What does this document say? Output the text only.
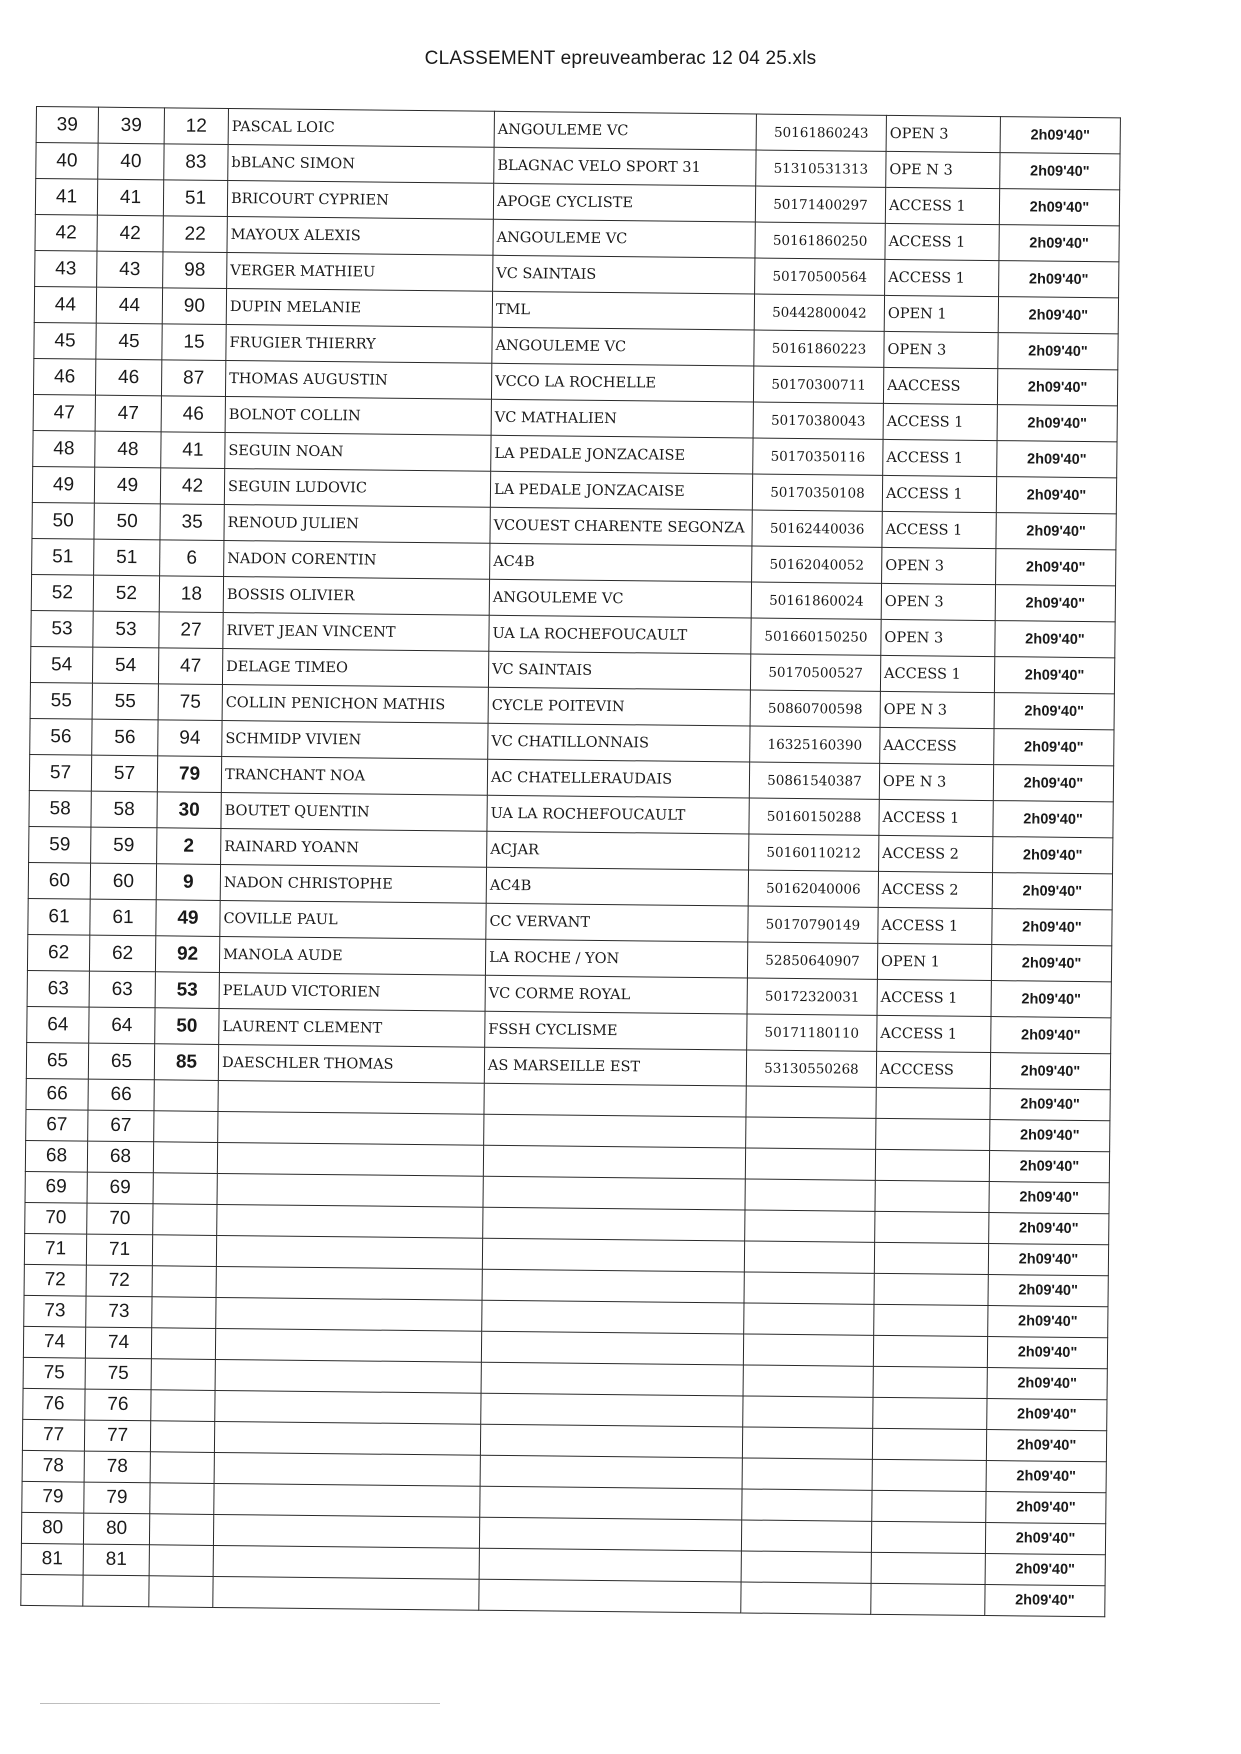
CLASSEMENT epreuveamberac 12 04 25.xls
39	39	12	PASCAL LOIC	ANGOULEME VC	50161860243	OPEN 3	2h09'40"
40	40	83	bBLANC SIMON	BLAGNAC VELO SPORT 31	51310531313	OPE N 3	2h09'40"
41	41	51	BRICOURT CYPRIEN	APOGE CYCLISTE	50171400297	ACCESS 1	2h09'40"
42	42	22	MAYOUX ALEXIS	ANGOULEME VC	50161860250	ACCESS 1	2h09'40"
43	43	98	VERGER MATHIEU	VC SAINTAIS	50170500564	ACCESS 1	2h09'40"
44	44	90	DUPIN MELANIE	TML	50442800042	OPEN 1	2h09'40"
45	45	15	FRUGIER THIERRY	ANGOULEME VC	50161860223	OPEN 3	2h09'40"
46	46	87	THOMAS AUGUSTIN	VCCO LA ROCHELLE	50170300711	AACCESS	2h09'40"
47	47	46	BOLNOT COLLIN	VC MATHALIEN	50170380043	ACCESS 1	2h09'40"
48	48	41	SEGUIN NOAN	LA PEDALE JONZACAISE	50170350116	ACCESS 1	2h09'40"
49	49	42	SEGUIN LUDOVIC	LA PEDALE JONZACAISE	50170350108	ACCESS 1	2h09'40"
50	50	35	RENOUD JULIEN	VCOUEST CHARENTE SEGONZA	50162440036	ACCESS 1	2h09'40"
51	51	6	NADON CORENTIN	AC4B	50162040052	OPEN 3	2h09'40"
52	52	18	BOSSIS OLIVIER	ANGOULEME VC	50161860024	OPEN 3	2h09'40"
53	53	27	RIVET JEAN VINCENT	UA LA ROCHEFOUCAULT	501660150250	OPEN 3	2h09'40"
54	54	47	DELAGE TIMEO	VC SAINTAIS	50170500527	ACCESS 1	2h09'40"
55	55	75	COLLIN PENICHON MATHIS	CYCLE POITEVIN	50860700598	OPE N 3	2h09'40"
56	56	94	SCHMIDP VIVIEN	VC CHATILLONNAIS	16325160390	AACCESS	2h09'40"
57	57	79	TRANCHANT NOA	AC CHATELLERAUDAIS	50861540387	OPE N 3	2h09'40"
58	58	30	BOUTET QUENTIN	UA LA ROCHEFOUCAULT	50160150288	ACCESS 1	2h09'40"
59	59	2	RAINARD YOANN	ACJAR	50160110212	ACCESS 2	2h09'40"
60	60	9	NADON CHRISTOPHE	AC4B	50162040006	ACCESS 2	2h09'40"
61	61	49	COVILLE PAUL	CC VERVANT	50170790149	ACCESS 1	2h09'40"
62	62	92	MANOLA AUDE	LA ROCHE / YON	52850640907	OPEN 1	2h09'40"
63	63	53	PELAUD VICTORIEN	VC CORME ROYAL	50172320031	ACCESS 1	2h09'40"
64	64	50	LAURENT CLEMENT	FSSH CYCLISME	50171180110	ACCESS 1	2h09'40"
65	65	85	DAESCHLER THOMAS	AS MARSEILLE EST	53130550268	ACCCESS	2h09'40"
66	66						2h09'40"
67	67						2h09'40"
68	68						2h09'40"
69	69						2h09'40"
70	70						2h09'40"
71	71						2h09'40"
72	72						2h09'40"
73	73						2h09'40"
74	74						2h09'40"
75	75						2h09'40"
76	76						2h09'40"
77	77						2h09'40"
78	78						2h09'40"
79	79						2h09'40"
80	80						2h09'40"
81	81						2h09'40"
							2h09'40"
